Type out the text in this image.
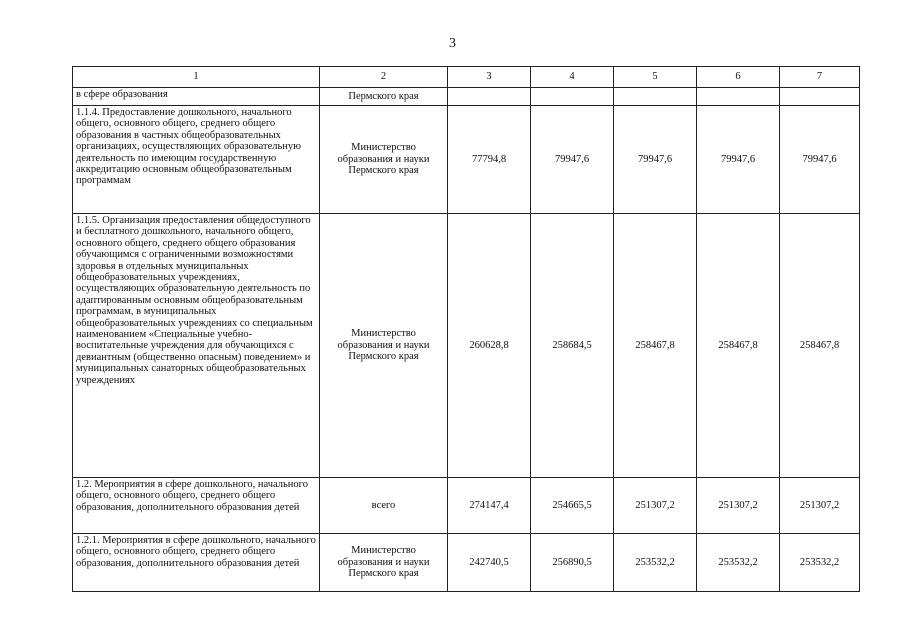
3
1	2	3	4	5	6	7
в сфере образования	Пермского края					
1.1.4. Предоставление дошкольного, начального общего, основного общего, среднего общего образования в частных общеобразовательных организациях, осуществляющих образовательную деятельность по имеющим государственную аккредитацию основным общеобразовательным программам	Министерство образования и науки Пермского края	77794,8	79947,6	79947,6	79947,6	79947,6
1.1.5. Организация предоставления общедоступного и бесплатного дошкольного, начального общего, основного общего, среднего общего образования обучающимся с ограниченными возможностями здоровья в отдельных муниципальных общеобразовательных учреждениях, осуществляющих образовательную деятельность по адаптированным основным общеобразовательным программам, в муниципальных общеобразовательных учреждениях со специальным наименованием «Специальные учебно-воспитательные учреждения для обучающихся с девиантным (общественно опасным) поведением» и муниципальных санаторных общеобразовательных учреждениях	Министерство образования и науки Пермского края	260628,8	258684,5	258467,8	258467,8	258467,8
1.2. Мероприятия в сфере дошкольного, начального общего, основного общего, среднего общего образования, дополнительного образования детей	всего	274147,4	254665,5	251307,2	251307,2	251307,2
1.2.1. Мероприятия в сфере дошкольного, начального общего, основного общего, среднего общего образования, дополнительного образования детей	Министерство образования и науки Пермского края	242740,5	256890,5	253532,2	253532,2	253532,2
